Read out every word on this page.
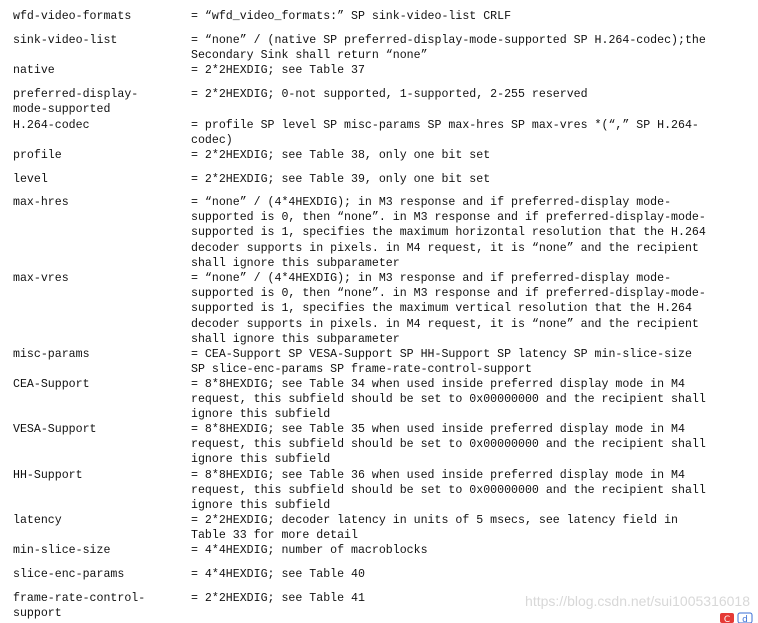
wfd-video-formats	= “wfd_video_formats:” SP sink-video-list CRLF
sink-video-list	= “none” / (native SP preferred-display-mode-supported SP H.264-codec);the
Secondary Sink shall return “none”
native	= 2*2HEXDIG; see Table 37
preferred-display-
mode-supported
= 2*2HEXDIG; 0-not supported, 1-supported, 2-255 reserved
H.264-codec	= profile SP level SP misc-params SP max-hres SP max-vres *(“,” SP H.264-
codec)
profile	= 2*2HEXDIG; see Table 38, only one bit set
level	= 2*2HEXDIG; see Table 39, only one bit set
max-hres	= “none” / (4*4HEXDIG); in M3 response and if preferred-display mode-
supported is 0, then “none”. in M3 response and if preferred-display-mode-
supported is 1, specifies the maximum horizontal resolution that the H.264
decoder supports in pixels. in M4 request, it is “none” and the recipient
shall ignore this subparameter
max-vres	= “none” / (4*4HEXDIG); in M3 response and if preferred-display mode-
supported is 0, then “none”. in M3 response and if preferred-display-mode-
supported is 1, specifies the maximum vertical resolution that the H.264
decoder supports in pixels. in M4 request, it is “none” and the recipient
shall ignore this subparameter
misc-params	= CEA-Support SP VESA-Support SP HH-Support SP latency SP min-slice-size
SP slice-enc-params SP frame-rate-control-support
CEA-Support	= 8*8HEXDIG; see Table 34 when used inside preferred display mode in M4
request, this subfield should be set to 0x00000000 and the recipient shall
ignore this subfield
VESA-Support	= 8*8HEXDIG; see Table 35 when used inside preferred display mode in M4
request, this subfield should be set to 0x00000000 and the recipient shall
ignore this subfield
HH-Support	= 8*8HEXDIG; see Table 36 when used inside preferred display mode in M4
request, this subfield should be set to 0x00000000 and the recipient shall
ignore this subfield
latency	= 2*2HEXDIG; decoder latency in units of 5 msecs, see latency field in
Table 33 for more detail
min-slice-size	= 4*4HEXDIG; number of macroblocks
slice-enc-params	= 4*4HEXDIG; see Table 40
frame-rate-control-
support
= 2*2HEXDIG; see Table 41	https://blog.csdn.net/sui1005316018
C d
